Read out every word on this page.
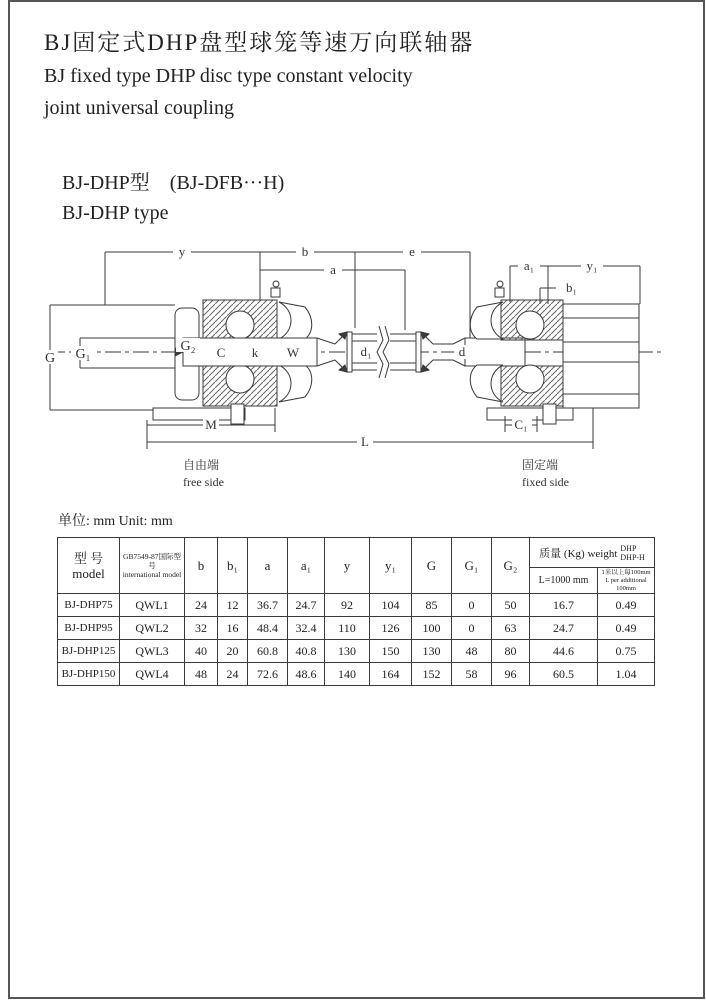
BJ固定式DHP盘型球笼等速万向联轴器
BJ fixed type DHP disc type constant velocity
joint universal coupling
BJ-DHP型　(BJ-DFB···H)
BJ-DHP type
y	b	e
a	a₁	y₁
b₁
G G₁
G₂ C k W	d₁	d
M	C₁
L
自由端
free side
固定端
fixed side
单位: mm Unit: mm
型 号
model

GB7549-87国际型号
international model
	b	b₁	a	a₁	y	y₁	G	G₁	G₂	
质量 (Kg) weight DHP
DHP-H

											L=1000 mm	1米以上每100mm
L per additional 100mm

BJ-DHP75	QWL1	24	12	36.7	24.7	92	104	85	0	50	16.7	0.49
BJ-DHP95	QWL2	32	16	48.4	32.4	110	126	100	0	63	24.7	0.49
BJ-DHP125	QWL3	40	20	60.8	40.8	130	150	130	48	80	44.6	0.75
BJ-DHP150	QWL4	48	24	72.6	48.6	140	164	152	58	96	60.5	1.04
